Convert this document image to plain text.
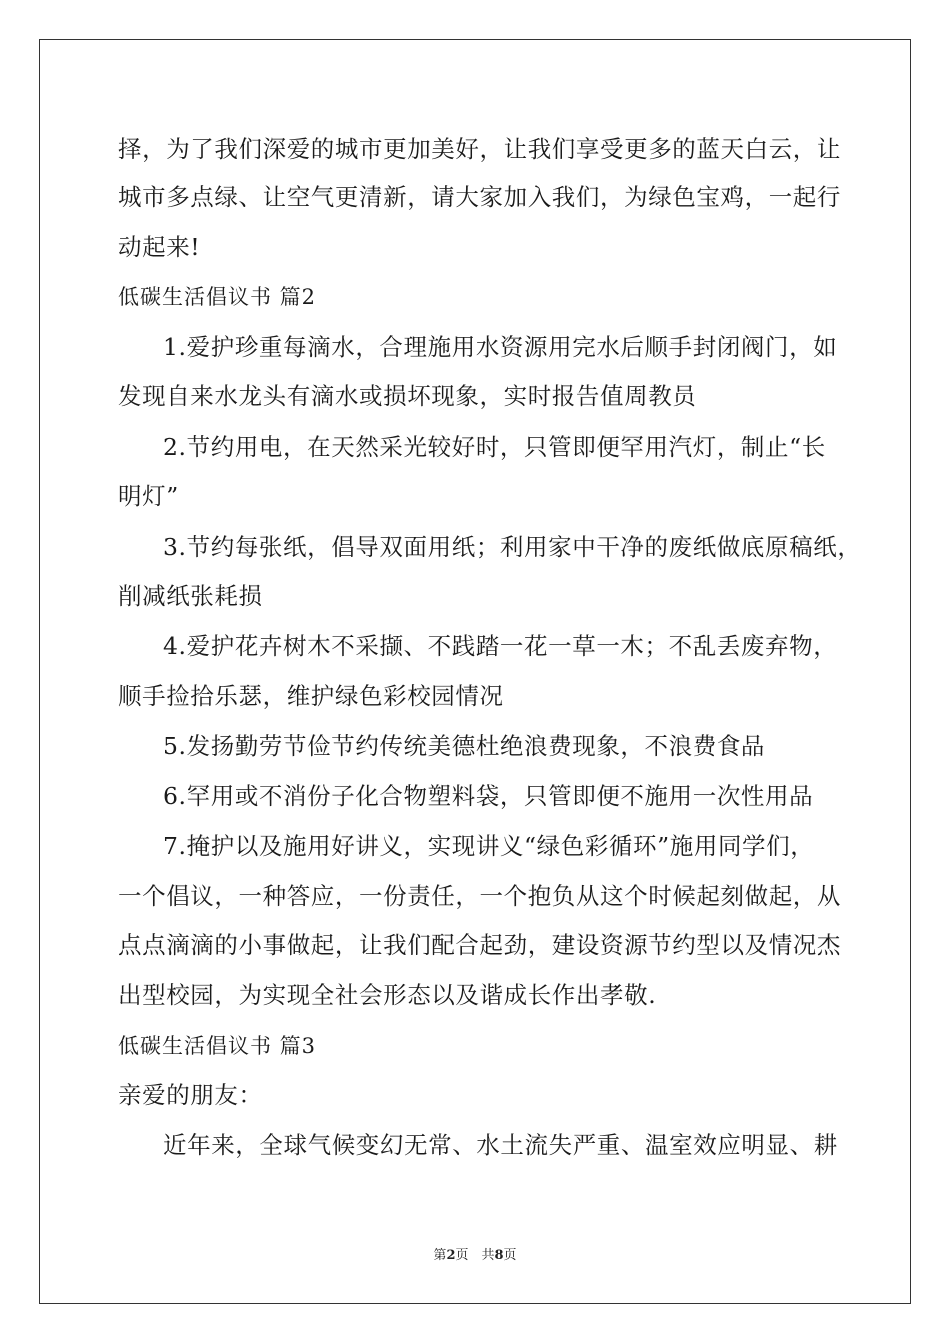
择，为了我们深爱的城市更加美好，让我们享受更多的蓝天白云，让
城市多点绿、让空气更清新，请大家加入我们，为绿色宝鸡，一起行
动起来!
低碳生活倡议书 篇2
1.爱护珍重每滴水，合理施用水资源用完水后顺手封闭阀门，如
发现自来水龙头有滴水或损坏现象，实时报告值周教员
2.节约用电，在天然采光较好时，只管即便罕用汽灯，制止“长
明灯”
3.节约每张纸，倡导双面用纸；利用家中干净的废纸做底原稿纸，
削减纸张耗损
4.爱护花卉树木不采撷、不践踏一花一草一木；不乱丢废弃物，
顺手捡拾乐瑟，维护绿色彩校园情况
5.发扬勤劳节俭节约传统美德杜绝浪费现象，不浪费食品
6.罕用或不消份子化合物塑料袋，只管即便不施用一次性用品
7.掩护以及施用好讲义，实现讲义“绿色彩循环”施用同学们，
一个倡议，一种答应，一份责任，一个抱负从这个时候起刻做起，从
点点滴滴的小事做起，让我们配合起劲，建设资源节约型以及情况杰
出型校园，为实现全社会形态以及谐成长作出孝敬.
低碳生活倡议书 篇3
亲爱的朋友：
近年来，全球气候变幻无常、水土流失严重、温室效应明显、耕
第2页　共8页
